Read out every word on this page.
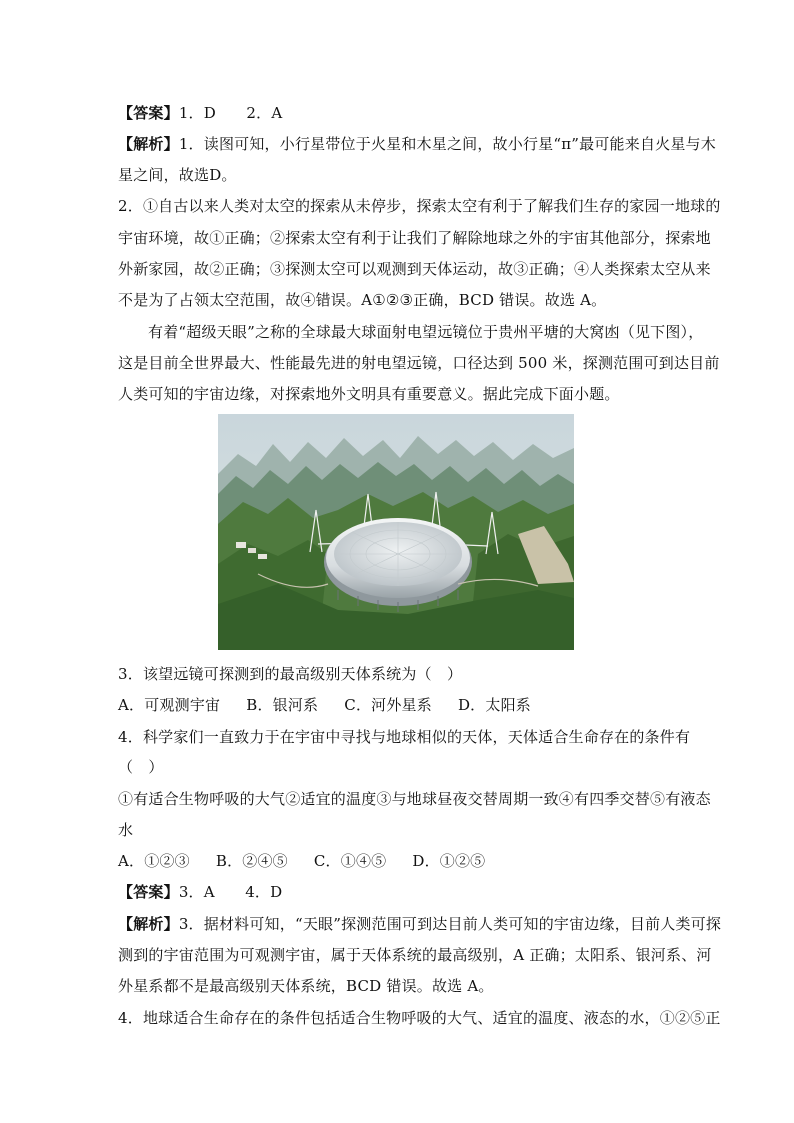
【答案】1．D　　2．A
【解析】1．读图可知，小行星带位于火星和木星之间，故小行星“π”最可能来自火星与木
星之间，故选D。
2．①自古以来人类对太空的探索从未停步，探索太空有利于了解我们生存的家园一地球的
宇宙环境，故①正确；②探索太空有利于让我们了解除地球之外的宇宙其他部分，探索地
外新家园，故②正确；③探测太空可以观测到天体运动，故③正确；④人类探索太空从来
不是为了占领太空范围，故④错误。A①②③正确，BCD 错误。故选 A。
有着“超级天眼”之称的全球最大球面射电望远镜位于贵州平塘的大窝凼（见下图），
这是目前全世界最大、性能最先进的射电望远镜，口径达到 500 米，探测范围可到达目前
人类可知的宇宙边缘，对探索地外文明具有重要意义。据此完成下面小题。
3．该望远镜可探测到的最高级别天体系统为（　）
A．可观测宇宙 B．银河系 C．河外星系 D．太阳系
4．科学家们一直致力于在宇宙中寻找与地球相似的天体，天体适合生命存在的条件有
（　）
①有适合生物呼吸的大气②适宜的温度③与地球昼夜交替周期一致④有四季交替⑤有液态
水
A．①②③ B．②④⑤ C．①④⑤ D．①②⑤
【答案】3．A　　4．D
【解析】3．据材料可知，“天眼”探测范围可到达目前人类可知的宇宙边缘，目前人类可探
测到的宇宙范围为可观测宇宙，属于天体系统的最高级别，A 正确；太阳系、银河系、河
外星系都不是最高级别天体系统，BCD 错误。故选 A。
4．地球适合生命存在的条件包括适合生物呼吸的大气、适宜的温度、液态的水，①②⑤正
